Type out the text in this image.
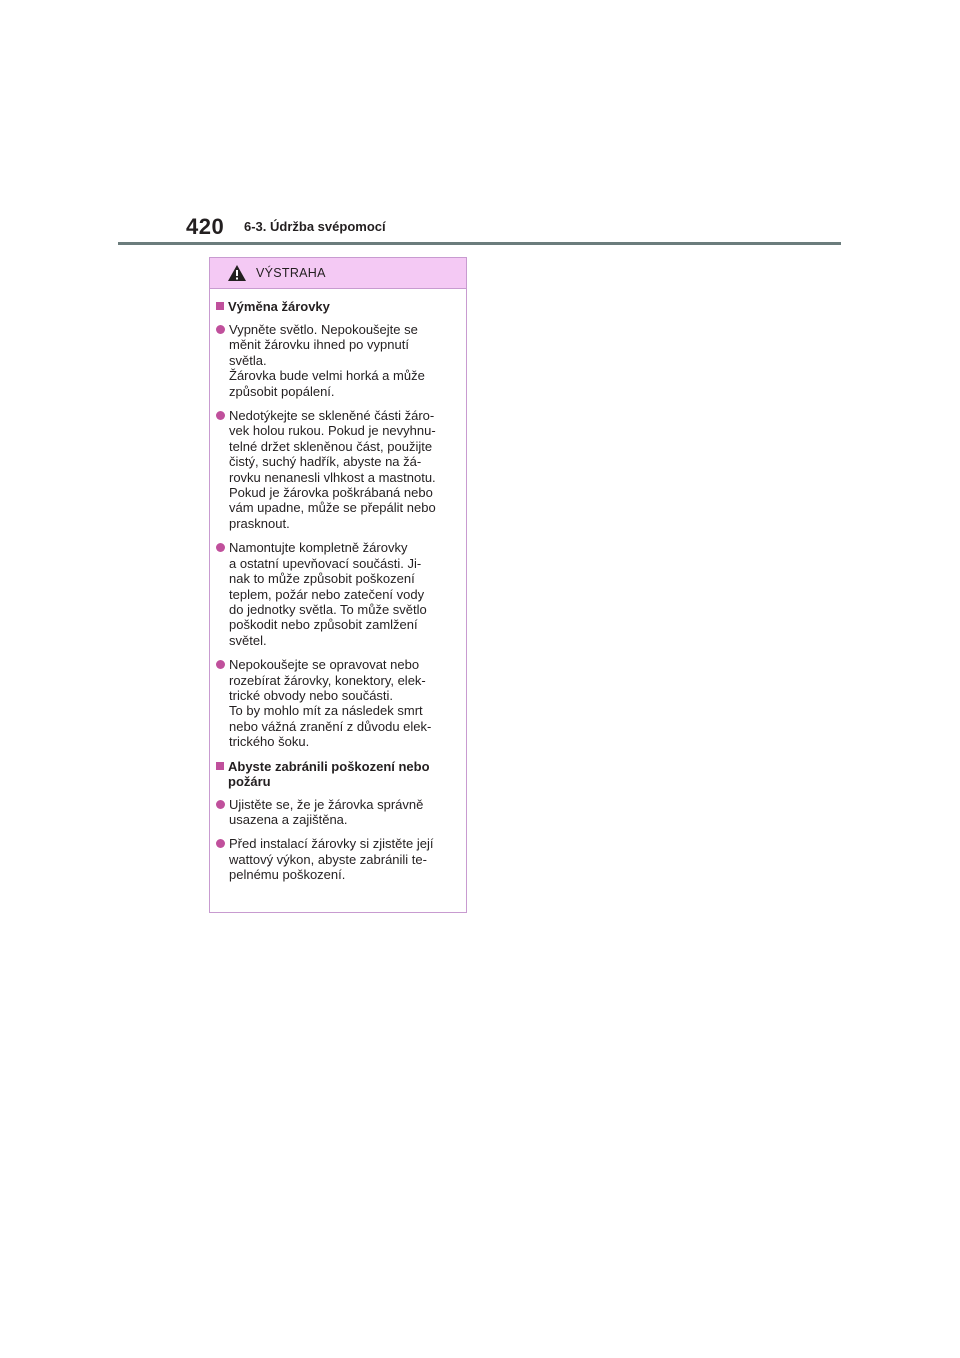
420 6-3. Údržba svépomocí
VÝSTRAHA
Výměna žárovky
Vypněte světlo. Nepokoušejte se
měnit žárovku ihned po vypnutí
světla.
Žárovka bude velmi horká a může
způsobit popálení.
Nedotýkejte se skleněné části žáro-
vek holou rukou. Pokud je nevyhnu-
telné držet skleněnou část, použijte
čistý, suchý hadřík, abyste na žá-
rovku nenanesli vlhkost a mastnotu.
Pokud je žárovka poškrábaná nebo
vám upadne, může se přepálit nebo
prasknout.
Namontujte kompletně žárovky
a ostatní upevňovací součásti. Ji-
nak to může způsobit poškození
teplem, požár nebo zatečení vody
do jednotky světla. To může světlo
poškodit nebo způsobit zamlžení
světel.
Nepokoušejte se opravovat nebo
rozebírat žárovky, konektory, elek-
trické obvody nebo součásti.
To by mohlo mít za následek smrt
nebo vážná zranění z důvodu elek-
trického šoku.
Abyste zabránili poškození nebo
požáru
Ujistěte se, že je žárovka správně
usazena a zajištěna.
Před instalací žárovky si zjistěte její
wattový výkon, abyste zabránili te-
pelnému poškození.
